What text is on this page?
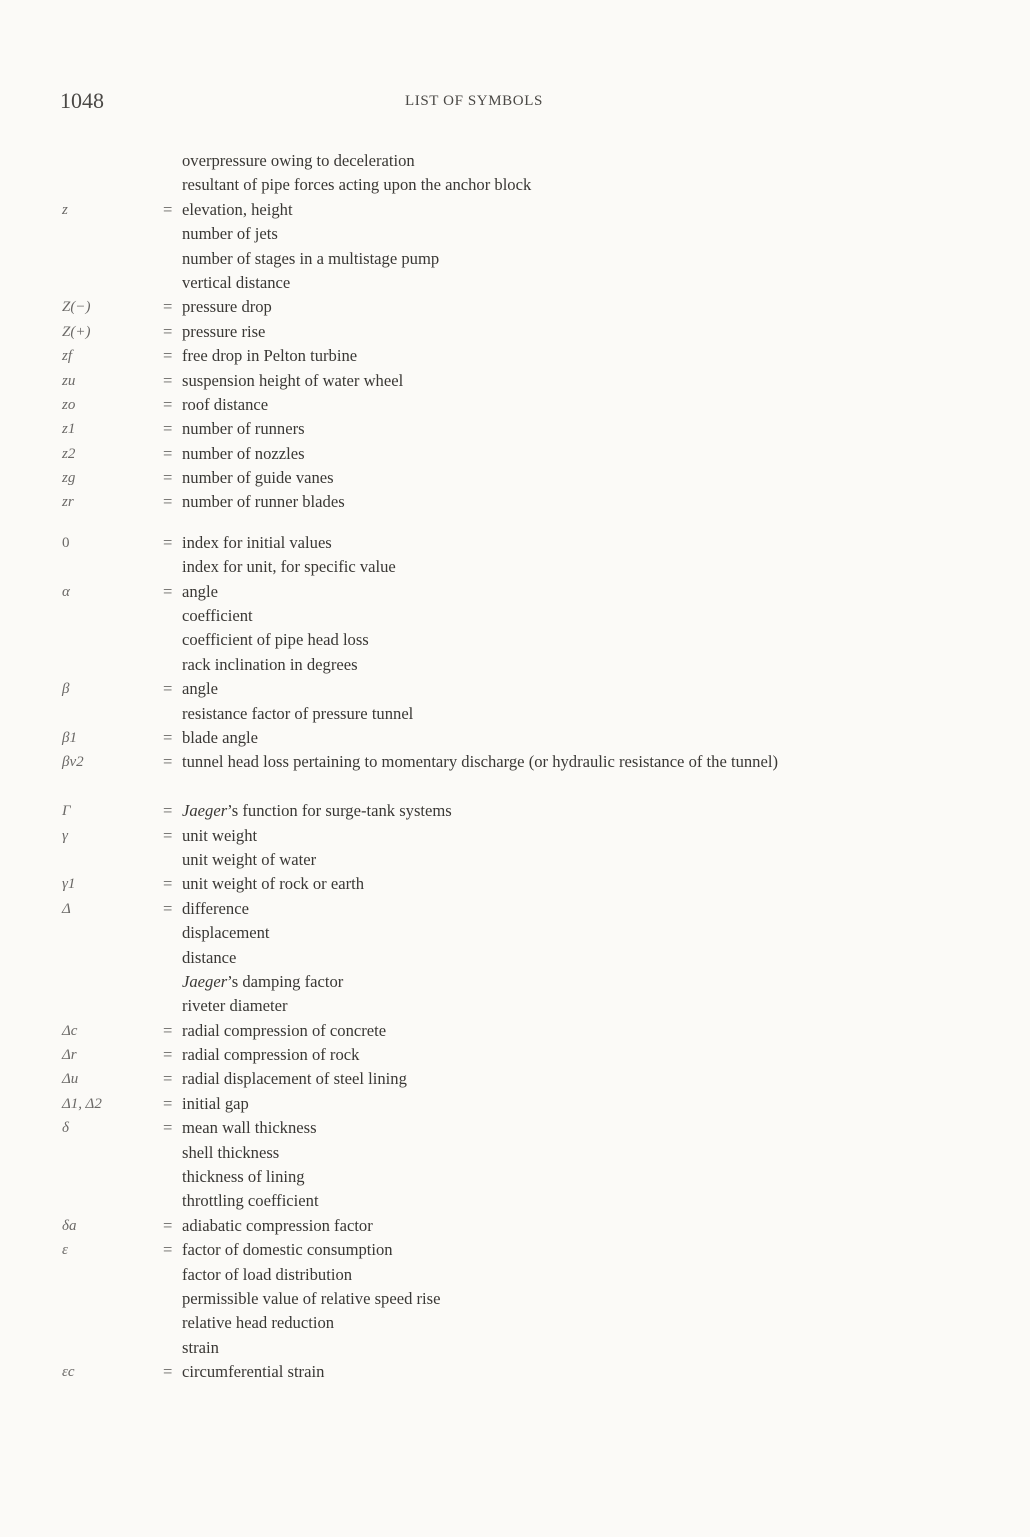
1048	LIST OF SYMBOLS
overpressure owing to deceleration
resultant of pipe forces acting upon the anchor block
z	= elevation, height
number of jets
number of stages in a multistage pump
vertical distance
Z(−)	= pressure drop
Z(+)	= pressure rise
zf	= free drop in Pelton turbine
zu	= suspension height of water wheel
zo	= roof distance
z1	= number of runners
z2	= number of nozzles
zg	= number of guide vanes
zr	= number of runner blades
0	= index for initial values
index for unit, for specific value
α	= angle
coefficient
coefficient of pipe head loss
rack inclination in degrees
β	= angle
resistance factor of pressure tunnel
β1	= blade angle
βv2	= tunnel head loss pertaining to momentary discharge (or hydraulic resistance of the tunnel)
Γ	= Jaeger’s function for surge-tank systems
γ	= unit weight
unit weight of water
γ1	= unit weight of rock or earth
Δ	= difference
displacement
distance
Jaeger’s damping factor
riveter diameter
Δc	= radial compression of concrete
Δr	= radial compression of rock
Δu	= radial displacement of steel lining
Δ1, Δ2	= initial gap
δ	= mean wall thickness
shell thickness
thickness of lining
throttling coefficient
δa	= adiabatic compression factor
ε	= factor of domestic consumption
factor of load distribution
permissible value of relative speed rise
relative head reduction
strain
εc	= circumferential strain
